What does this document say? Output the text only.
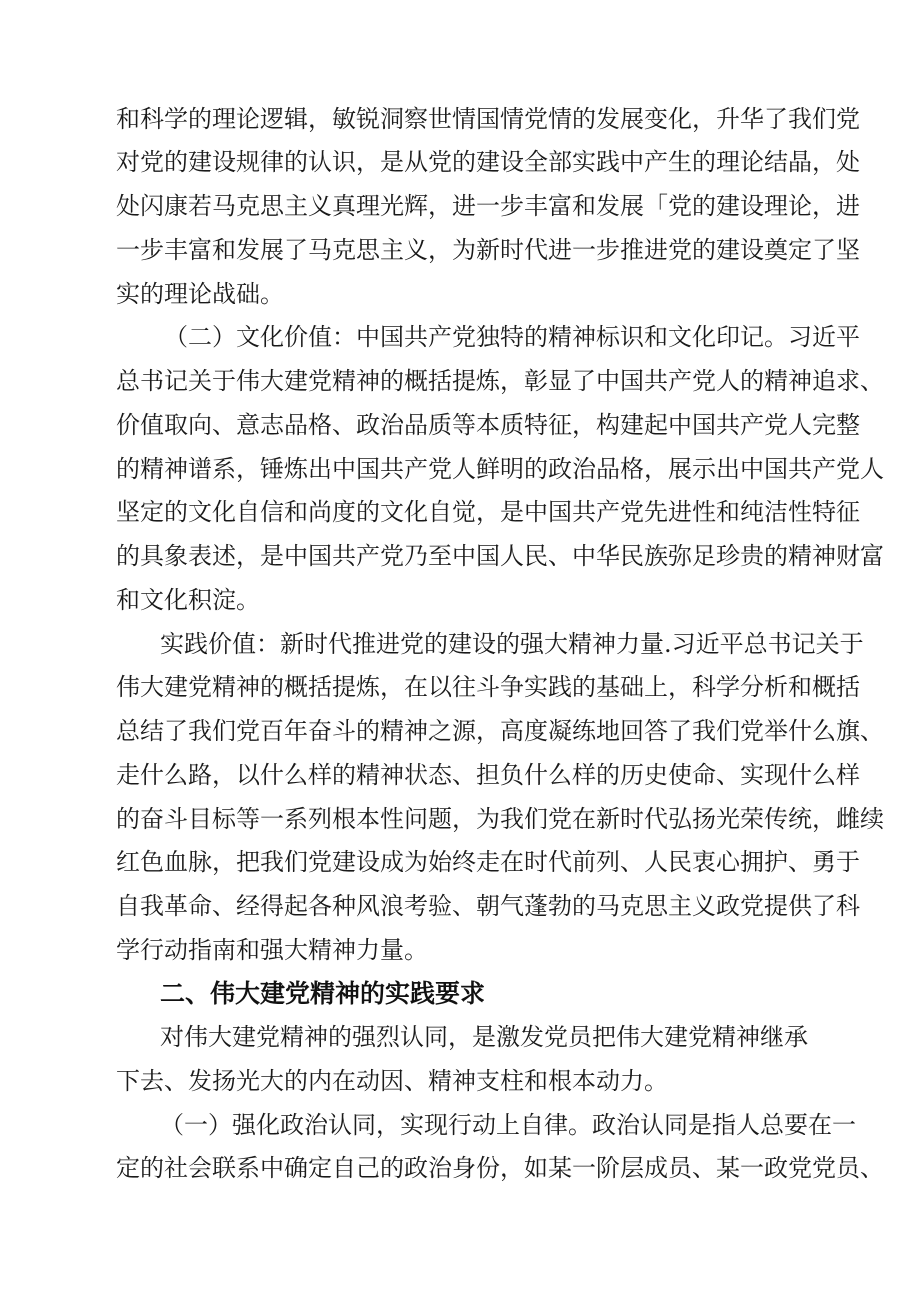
和科学的理论逻辑，敏锐洞察世情国情党情的发展变化，升华了我们党
对党的建设规律的认识，是从党的建设全部实践中产生的理论结晶，处
处闪康若马克思主义真理光辉，进一步丰富和发展「党的建设理论，进
一步丰富和发展了马克思主义，为新时代进一步推进党的建设奠定了坚
实的理论战础。
（二）文化价值：中国共产党独特的精神标识和文化印记。习近平
总书记关于伟大建党精神的概括提炼，彰显了中国共产党人的精神追求、
价值取向、意志品格、政治品质等本质特征，构建起中国共产党人完整
的精神谱系，锤炼出中国共产党人鲜明的政治品格，展示出中国共产党人
坚定的文化自信和尚度的文化自觉，是中国共产党先进性和纯洁性特征
的具象表述，是中国共产党乃至中国人民、中华民族弥足珍贵的精神财富
和文化积淀。
实践价值：新时代推进党的建设的强大精神力量.习近平总书记关于
伟大建党精神的概括提炼，在以往斗争实践的基础上，科学分析和概括
总结了我们党百年奋斗的精神之源，高度凝练地回答了我们党举什么旗、
走什么路，以什么样的精神状态、担负什么样的历史使命、实现什么样
的奋斗目标等一系列根本性问题，为我们党在新时代弘扬光荣传统，雌续
红色血脉，把我们党建设成为始终走在时代前列、人民衷心拥护、勇于
自我革命、经得起各种风浪考验、朝气蓬勃的马克思主义政党提供了科
学行动指南和强大精神力量。
二、伟大建党精神的实践要求
对伟大建党精神的强烈认同，是激发党员把伟大建党精神继承
下去、发扬光大的内在动因、精神支柱和根本动力。
（一）强化政治认同，实现行动上自律。政治认同是指人总要在一
定的社会联系中确定自己的政治身份，如某一阶层成员、某一政党党员、
